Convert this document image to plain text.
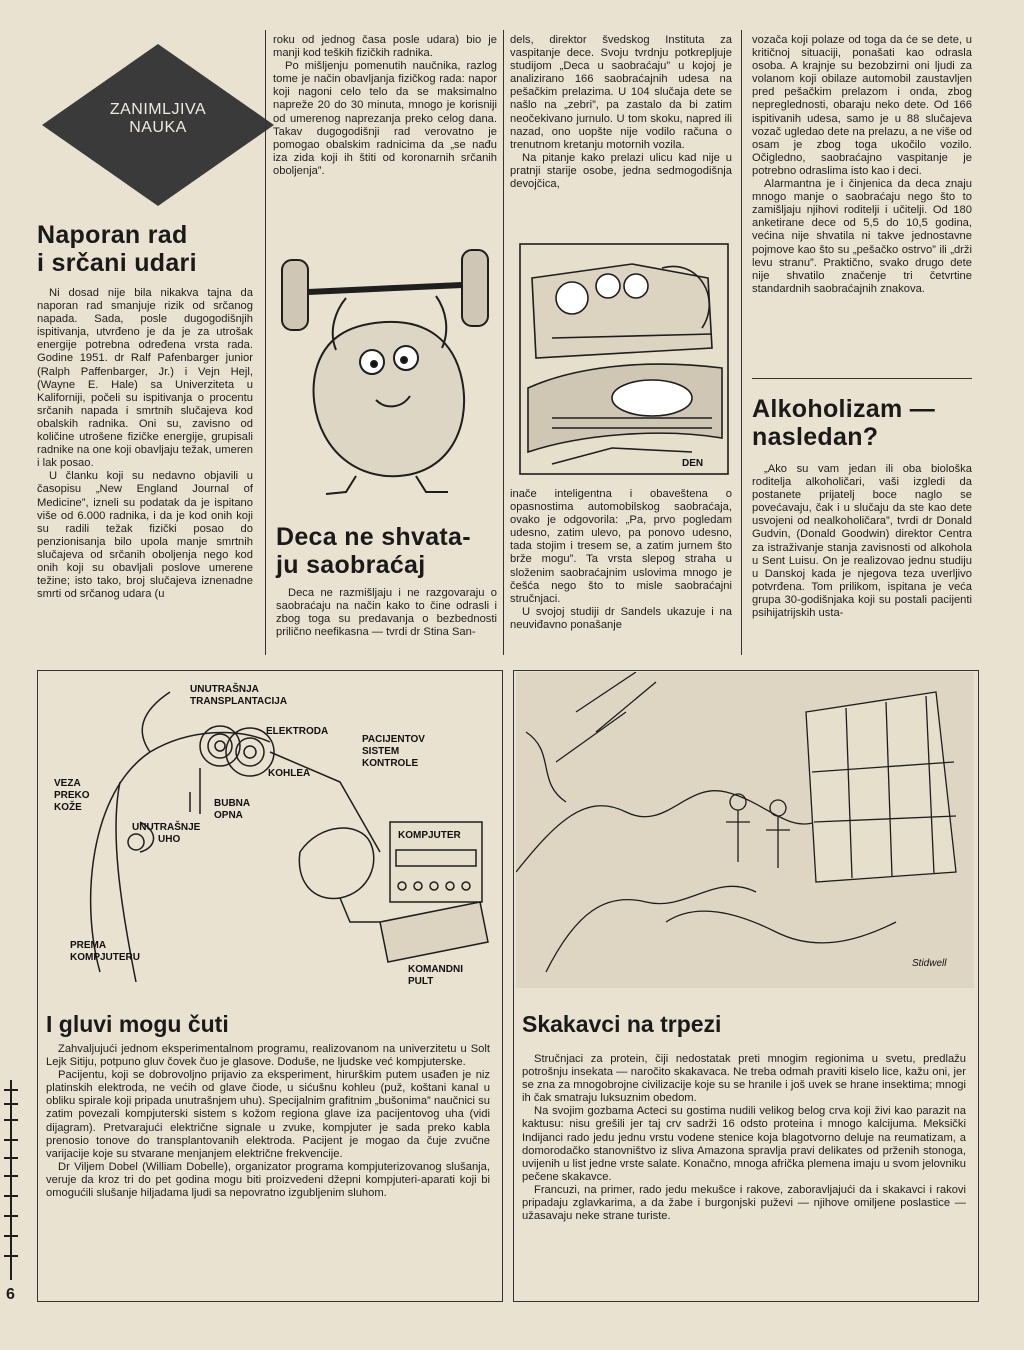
ZANIMLJIVA
NAUKA
Naporan rad
i srčani udari

Ni dosad nije bila nikakva tajna da naporan rad smanjuje rizik od srčanog napada. Sada, posle dugogodišnjih ispitivanja, utvrđeno je da je za utrošak energije potrebna određena vrsta rada. Godine 1951. dr Ralf Pafenbarger junior (Ralph Paffenbarger, Jr.) i Vejn Hejl, (Wayne E. Hale) sa Univerziteta u Kaliforniji, počeli su ispitivanja o procentu srčanih napada i smrtnih slučajeva kod obalskih radnika. Oni su, zavisno od količine utrošene fizičke energije, grupisali radnike na one koji obavljaju težak, umeren i lak posao.

U članku koji su nedavno objavili u časopisu „New England Journal of Medicine”, izneli su podatak da je ispitano više od 6.000 radnika, i da je kod onih koji su radili težak fizički posao do penzionisanja bilo upola manje smrtnih slučajeva od srčanih oboljenja nego kod onih koji su obavljali poslove umerene težine; isto tako, broj slučajeva iznenadne smrti od srčanog udara (u

roku od jednog časa posle udara) bio je manji kod teških fizičkih radnika.

Po mišljenju pomenutih naučnika, razlog tome je način obavljanja fizičkog rada: napor koji nagoni celo telo da se maksimalno napreže 20 do 30 minuta, mnogo je korisniji od umerenog naprezanja preko celog dana. Takav dugogodišnji rad verovatno je pomogao obalskim radnicima da „se nađu iza zida koji ih štiti od koronarnih srčanih oboljenja”.

Deca ne shvata-
ju saobraćaj

Deca ne razmišljaju i ne razgovaraju o saobraćaju na način kako to čine odrasli i zbog toga su predavanja o bezbednosti prilično neefikasna — tvrdi dr Stina San-

dels, direktor švedskog Instituta za vaspitanje dece. Svoju tvrdnju potkrepljuje studijom „Deca u saobraćaju” u kojoj je analizirano 166 saobraćajnih udesa na pešačkim prelazima. U 104 slučaja dete se našlo na „zebri”, pa zastalo da bi zatim neočekivano jurnulo. U tom skoku, napred ili nazad, ono uopšte nije vodilo računa o trenutnom kretanju motornih vozila.

Na pitanje kako prelazi ulicu kad nije u pratnji starije osobe, jedna sedmogodišnja devojčica,

DEN

inače inteligentna i obaveštena o opasnostima automobilskog saobraćaja, ovako je odgovorila: „Pa, prvo pogledam udesno, zatim ulevo, pa ponovo udesno, tada stojim i tresem se, a zatim jurnem što brže mogu”. Ta vrsta slepog straha u složenim saobraćajnim uslovima mnogo je češća nego što to misle saobraćajni stručnjaci.

U svojoj studiji dr Sandels ukazuje i na neuviđavno ponašanje

vozača koji polaze od toga da će se dete, u kritičnoj situaciji, ponašati kao odrasla osoba. A krajnje su bezobzirni oni ljudi za volanom koji obilaze automobil zaustavljen pred pešačkim prelazom i onda, zbog nepreglednosti, obaraju neko dete. Od 166 ispitivanih udesa, samo je u 88 slučajeva vozač ugledao dete na prelazu, a ne više od osam je zbog toga ukočilo vozilo. Očigledno, saobraćajno vaspitanje je potrebno odraslima isto kao i deci.

Alarmantna je i činjenica da deca znaju mnogo manje o saobraćaju nego što to zamišljaju njihovi roditelji i učitelji. Od 180 anketirane dece od 5,5 do 10,5 godina, većina nije shvatila ni takve jednostavne pojmove kao što su „pešačko ostrvo” ili „drži levu stranu”. Praktično, svako drugo dete nije shvatilo značenje tri četvrtine standardnih saobraćajnih znakova.

Alkoholizam —
nasledan?

„Ako su vam jedan ili oba biološka roditelja alkoholičari, vaši izgledi da postanete prijatelj boce naglo se povećavaju, čak i u slučaju da ste kao dete usvojeni od nealkoholičara”, tvrdi dr Donald Gudvin, (Donald Goodwin) direktor Centra za istraživanje stanja zavisnosti od alkohola u Sent Luisu. On je realizovao jednu studiju u Danskoj kada je njegova teza uverljivo potvrđena. Tom prilikom, ispitana je veća grupa 30-godišnjaka koji su postali pacijenti psihijatrijskih usta-

UNUTRAŠNJA
TRANSPLANTACIJA
ELEKTRODA
KOHLEA
PACIJENTOV
SISTEM
KONTROLE
VEZA
PREKO
KOŽE	BUBNA
OPNA
UNUTRAŠNJE
UHO	KOMPJUTER
PREMA
KOMPJUTERU
KOMANDNI
PULT
I gluvi mogu čuti

Zahvaljujući jednom eksperimentalnom programu, realizovanom na univerzitetu u Solt Lejk Sitiju, potpuno gluv čovek čuo je glasove. Doduše, ne ljudske već kompjuterske.

Pacijentu, koji se dobrovoljno prijavio za eksperiment, hirurškim putem usađen je niz platinskih elektroda, ne većih od glave čiode, u sićušnu kohleu (puž, koštani kanal u obliku spirale koji pripada unutrašnjem uhu). Specijalnim grafitnim „bušonima” naučnici su zatim povezali kompjuterski sistem s kožom regiona glave iza pacijentovog uha (vidi dijagram). Pretvarajući električne signale u zvuke, kompjuter je sada preko kabla prenosio tonove do transplantovanih elektroda. Pacijent je mogao da čuje zvučne varijacije koje su stvarane menjanjem električne frekvencije.

Dr Viljem Dobel (William Dobelle), organizator programa kompjuterizovanog slušanja, veruje da kroz tri do pet godina mogu biti proizvedeni džepni kompjuteri-aparati koji bi omogućili slušanje hiljadama ljudi sa nepovratno izgubljenim sluhom.

Stidwell
Skakavci na trpezi

Stručnjaci za protein, čiji nedostatak preti mnogim regionima u svetu, predlažu potrošnju insekata — naročito skakavaca. Ne treba odmah praviti kiselo lice, kažu oni, jer se zna za mnogobrojne civilizacije koje su se hranile i još uvek se hrane insektima; mnogi ih čak smatraju luksuznim obedom.

Na svojim gozbama Acteci su gostima nudili velikog belog crva koji živi kao parazit na kaktusu: nisu grešili jer taj crv sadrži 16 odsto proteina i mnogo kalcijuma. Meksički Indijanci rado jedu jednu vrstu vodene stenice koja blagotvorno deluje na reumatizam, a domorodačko stanovništvo iz sliva Amazona spravlja pravi delikates od prženih stonoga, uvijenih u list jedne vrste salate. Konačno, mnoga afrička plemena imaju u svom jelovniku pečene skakavce.

Francuzi, na primer, rado jedu mekušce i rakove, zaboravljajući da i skakavci i rakovi pripadaju zglavkarima, a da žabe i burgonjski puževi — njihove omiljene poslastice — užasavaju neke strane turiste.

6
